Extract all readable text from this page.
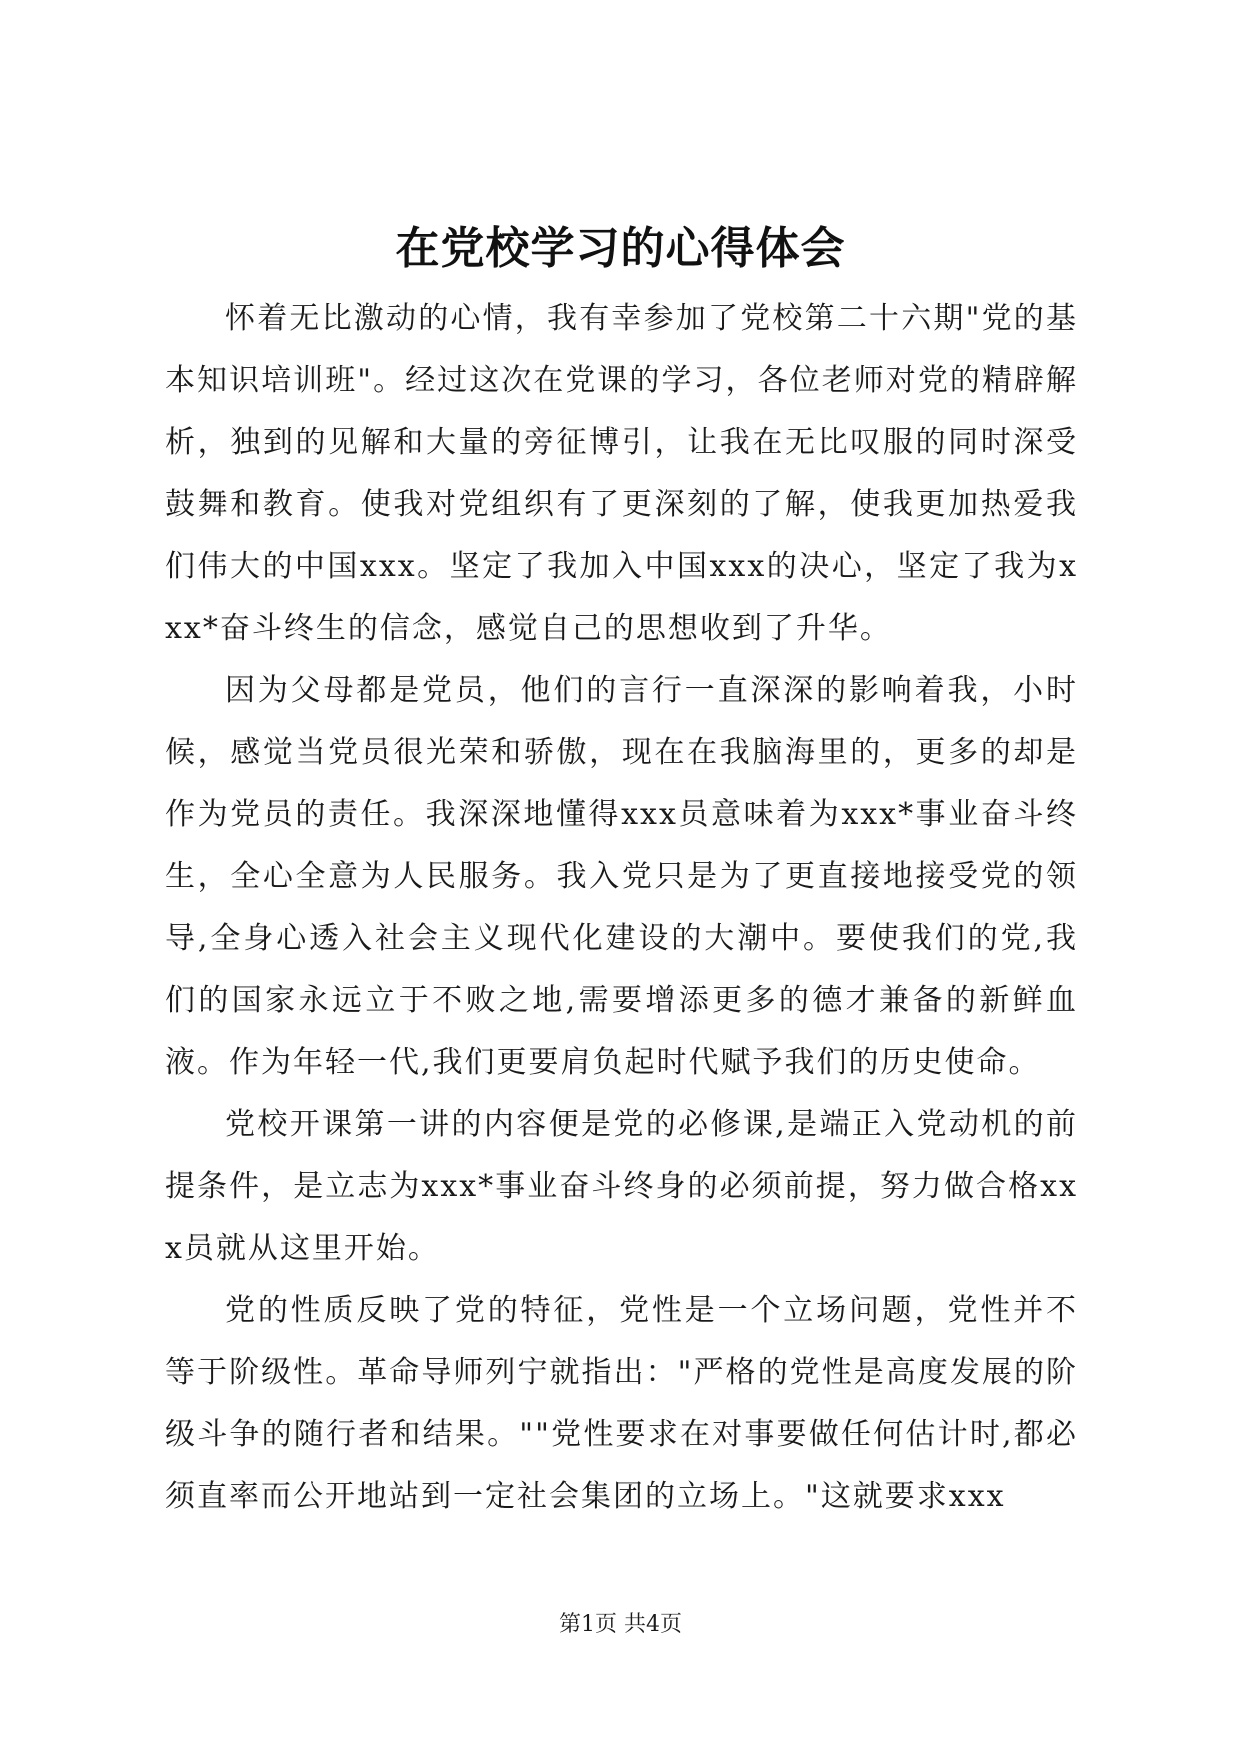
在党校学习的心得体会

怀着无比激动的心情，我有幸参加了党校第二十六期"党的基本知识培训班"。经过这次在党课的学习，各位老师对党的精辟解析，独到的见解和大量的旁征博引，让我在无比叹服的同时深受鼓舞和教育。使我对党组织有了更深刻的了解，使我更加热爱我们伟大的中国xxx。坚定了我加入中国xxx的决心，坚定了我为xxx*奋斗终生的信念，感觉自己的思想收到了升华。

因为父母都是党员，他们的言行一直深深的影响着我，小时候，感觉当党员很光荣和骄傲，现在在我脑海里的，更多的却是作为党员的责任。我深深地懂得xxx员意味着为xxx*事业奋斗终生，全心全意为人民服务。我入党只是为了更直接地接受党的领导,全身心透入社会主义现代化建设的大潮中。要使我们的党,我们的国家永远立于不败之地,需要增添更多的德才兼备的新鲜血液。作为年轻一代,我们更要肩负起时代赋予我们的历史使命。

党校开课第一讲的内容便是党的必修课,是端正入党动机的前提条件，是立志为xxx*事业奋斗终身的必须前提，努力做合格xxx员就从这里开始。

党的性质反映了党的特征，党性是一个立场问题，党性并不等于阶级性。革命导师列宁就指出："严格的党性是高度发展的阶级斗争的随行者和结果。""党性要求在对事要做任何估计时,都必须直率而公开地站到一定社会集团的立场上。"这就要求xxx

第1页 共4页
